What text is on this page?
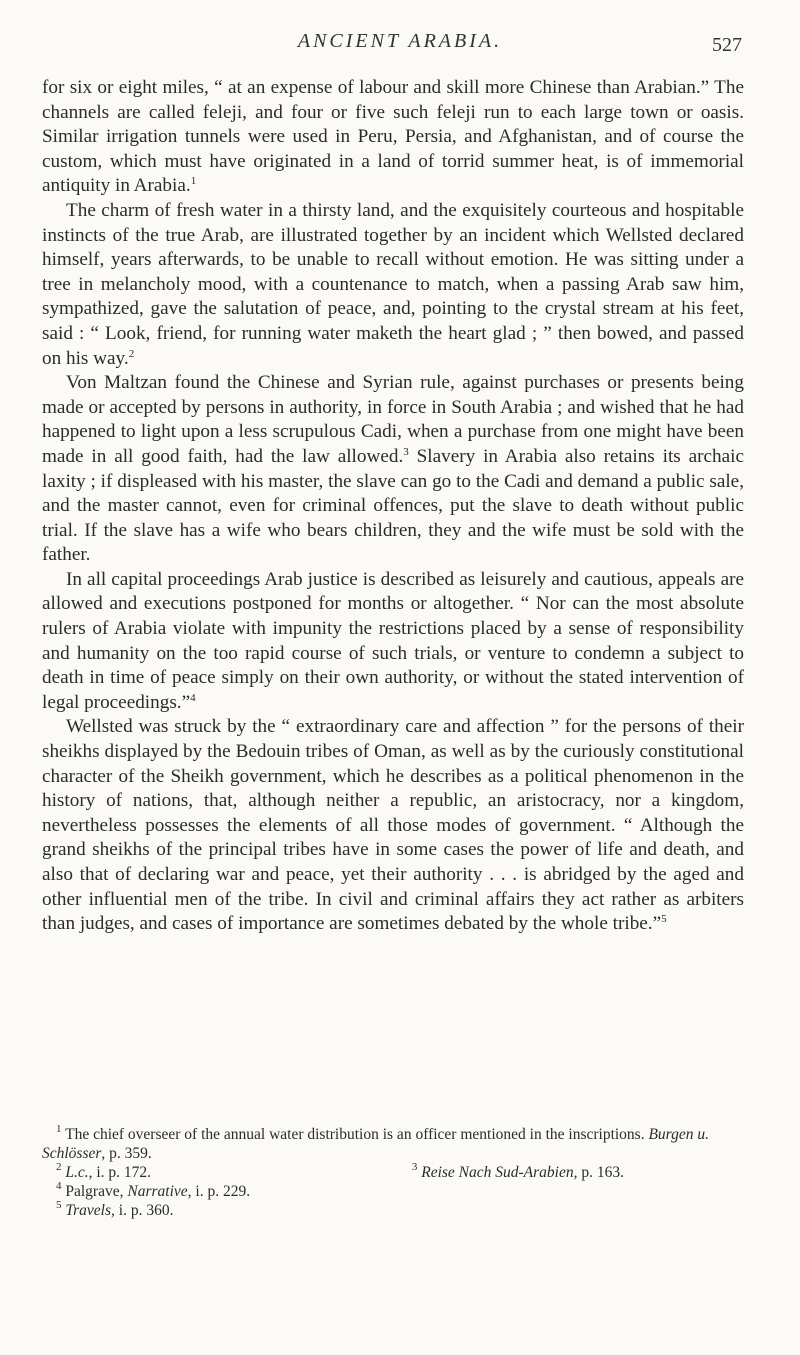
ANCIENT ARABIA.	527

for six or eight miles, “ at an expense of labour and skill more Chinese than Arabian.” The channels are called feleji, and four or five such feleji run to each large town or oasis. Similar irrigation tunnels were used in Peru, Persia, and Afghanistan, and of course the custom, which must have originated in a land of torrid summer heat, is of immemorial antiquity in Arabia.$^1$

The charm of fresh water in a thirsty land, and the exquisitely courteous and hospitable instincts of the true Arab, are illustrated together by an incident which Wellsted declared himself, years afterwards, to be unable to recall without emotion. He was sitting under a tree in melancholy mood, with a countenance to match, when a passing Arab saw him, sympathized, gave the salutation of peace, and, pointing to the crystal stream at his feet, said : “ Look, friend, for running water maketh the heart glad ; ” then bowed, and passed on his way.$^2$

Von Maltzan found the Chinese and Syrian rule, against purchases or presents being made or accepted by persons in authority, in force in South Arabia ; and wished that he had happened to light upon a less scrupulous Cadi, when a purchase from one might have been made in all good faith, had the law allowed.$^3$ Slavery in Arabia also retains its archaic laxity ; if displeased with his master, the slave can go to the Cadi and demand a public sale, and the master cannot, even for criminal offences, put the slave to death without public trial. If the slave has a wife who bears children, they and the wife must be sold with the father.

In all capital proceedings Arab justice is described as leisurely and cautious, appeals are allowed and executions postponed for months or altogether. “ Nor can the most absolute rulers of Arabia violate with impunity the restrictions placed by a sense of responsibility and humanity on the too rapid course of such trials, or venture to condemn a subject to death in time of peace simply on their own authority, or without the stated intervention of legal proceedings.”$^4$

Wellsted was struck by the “ extraordinary care and affection ” for the persons of their sheikhs displayed by the Bedouin tribes of Oman, as well as by the curiously constitutional character of the Sheikh government, which he describes as a political phenomenon in the history of nations, that, although neither a republic, an aristocracy, nor a kingdom, nevertheless possesses the elements of all those modes of government. “ Although the grand sheikhs of the principal tribes have in some cases the power of life and death, and also that of declaring war and peace, yet their authority . . . is abridged by the aged and other influential men of the tribe. In civil and criminal affairs they act rather as arbiters than judges, and cases of importance are sometimes debated by the whole tribe.”$^5$

$^1$ The chief overseer of the annual water distribution is an officer mentioned in the inscriptions. Burgen u. Schlösser, p. 359.

$^2$ L.c., i. p. 172.	$^3$ Reise Nach Sud-Arabien, p. 163.

$^4$ Palgrave, Narrative, i. p. 229.

$^5$ Travels, i. p. 360.
